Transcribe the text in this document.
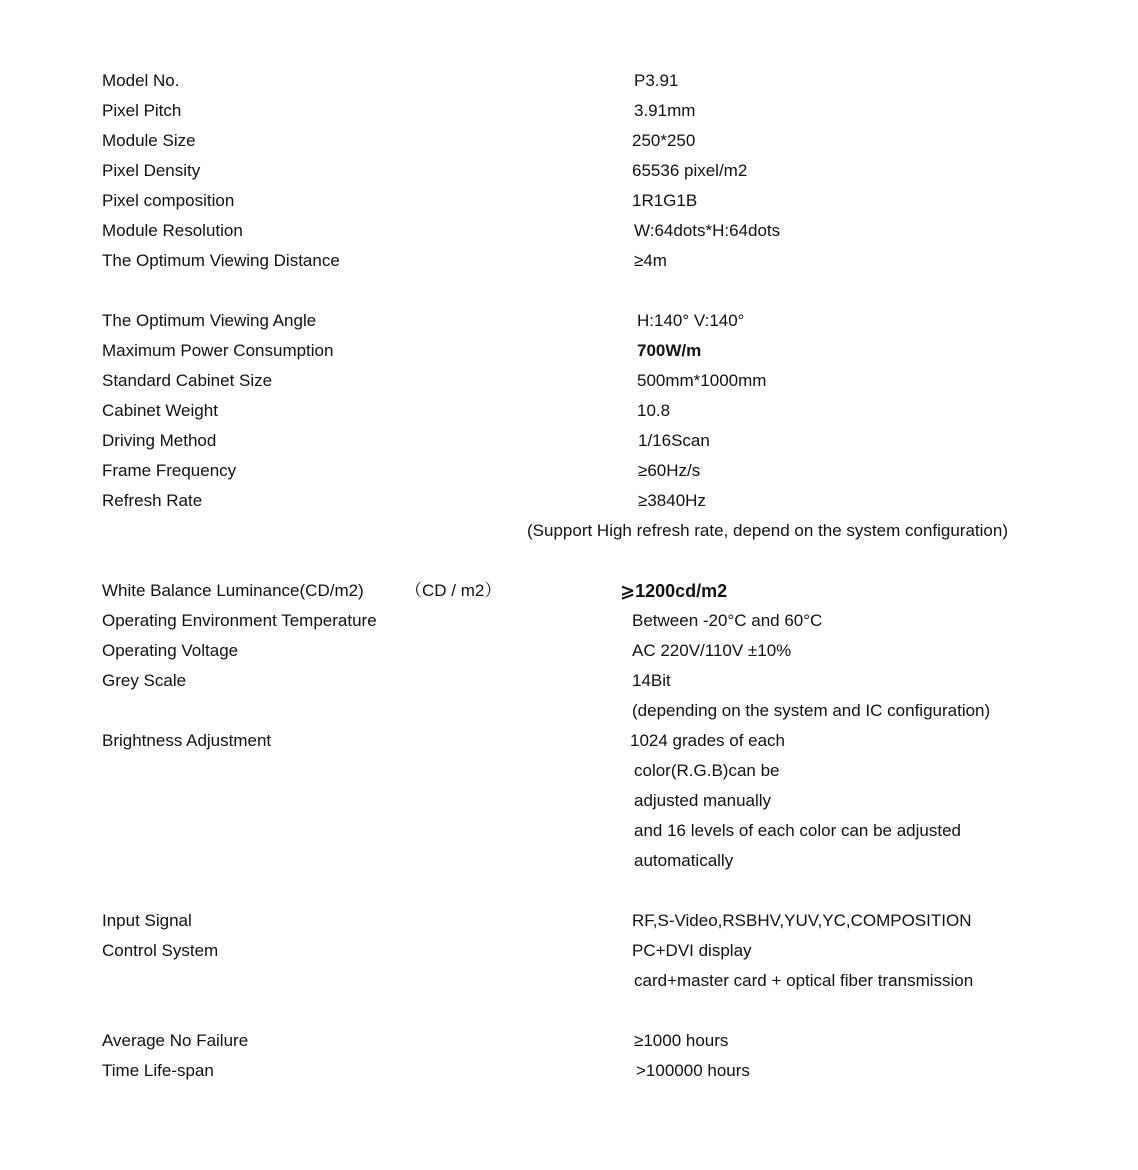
Model No.	P3.91
Pixel Pitch	3.91mm
Module Size	250*250
Pixel Density	65536 pixel/m2
Pixel composition	1R1G1B
Module Resolution	W:64dots*H:64dots
The Optimum Viewing Distance	≥4m
The Optimum Viewing Angle	H:140° V:140°
Maximum Power Consumption	700W/m
Standard Cabinet Size	500mm*1000mm
Cabinet Weight	10.8
Driving Method	1/16Scan
Frame Frequency	≥60Hz/s
Refresh Rate	≥3840Hz
(Support High refresh rate, depend on the system configuration)
White Balance Luminance(CD/m2) （CD / m2）	⩾1200cd/m2
Operating Environment Temperature	Between -20°C and 60°C
Operating Voltage	AC 220V/110V ±10%
Grey Scale	14Bit
(depending on the system and IC configuration)
Brightness Adjustment	1024 grades of each
color(R.G.B)can be
adjusted manually
and 16 levels of each color can be adjusted
automatically
Input Signal	RF,S-Video,RSBHV,YUV,YC,COMPOSITION
Control System	PC+DVI display
card+master card + optical fiber transmission
Average No Failure	≥1000 hours
Time Life-span	>100000 hours
